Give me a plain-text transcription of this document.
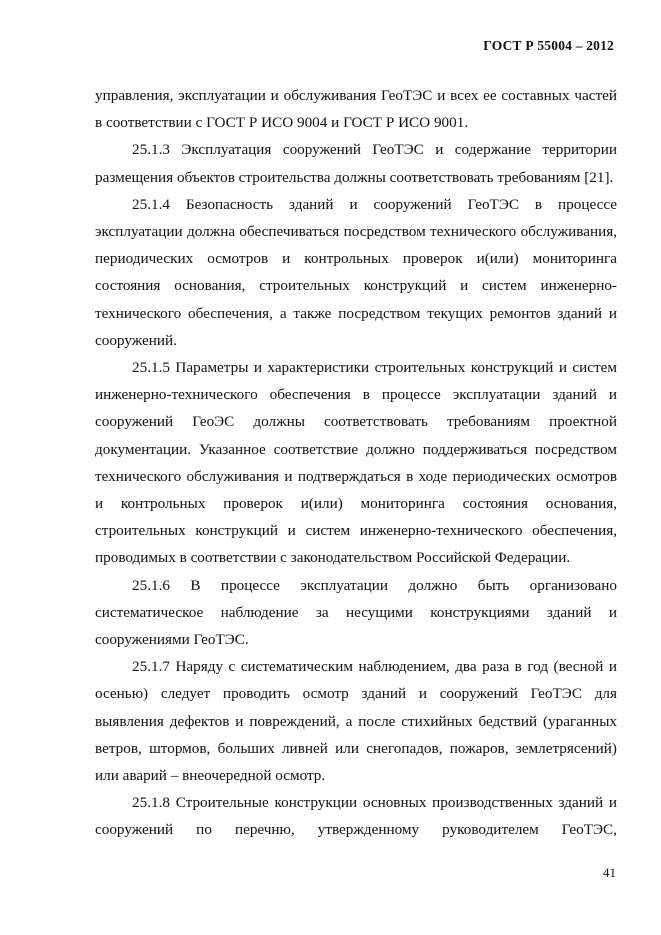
ГОСТ Р 55004 – 2012

управления, эксплуатации и обслуживания ГеоТЭС и всех ее составных частей в соответствии с ГОСТ Р ИСО 9004 и ГОСТ Р ИСО 9001.

25.1.3 Эксплуатация сооружений ГеоТЭС и содержание территории размещения объектов строительства должны соответствовать требованиям [21].

25.1.4 Безопасность зданий и сооружений ГеоТЭС в процессе эксплуатации должна обеспечиваться посредством технического обслуживания, периодических осмотров и контрольных проверок и(или) мониторинга состояния основания, строительных конструкций и систем инженерно-технического обеспечения, а также посредством текущих ремонтов зданий и сооружений.

25.1.5 Параметры и характеристики строительных конструкций и систем инженерно-технического обеспечения в процессе эксплуатации зданий и сооружений ГеоЭС должны соответствовать требованиям проектной документации. Указанное соответствие должно поддерживаться посредством технического обслуживания и подтверждаться в ходе периодических осмотров и контрольных проверок и(или) мониторинга состояния основания, строительных конструкций и систем инженерно-технического обеспечения, проводимых в соответствии с законодательством Российской Федерации.

25.1.6 В процессе эксплуатации должно быть организовано систематическое наблюдение за несущими конструкциями зданий и сооружениями ГеоТЭС.

25.1.7 Наряду с систематическим наблюдением, два раза в год (весной и осенью) следует проводить осмотр зданий и сооружений ГеоТЭС для выявления дефектов и повреждений, а после стихийных бедствий (ураганных ветров, штормов, больших ливней или снегопадов, пожаров, землетрясений) или аварий – внеочередной осмотр.

25.1.8 Строительные конструкции основных производственных зданий и сооружений по перечню, утвержденному руководителем ГеоТЭС,

41
